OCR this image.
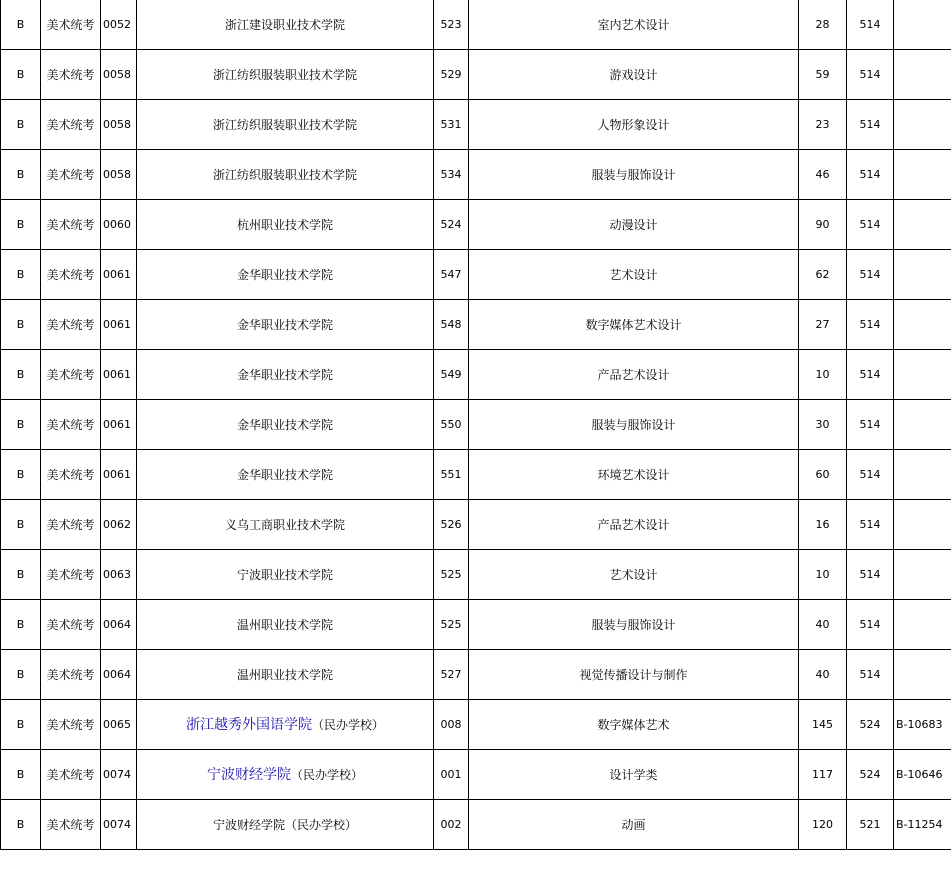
B	美术统考	0052	浙江建设职业技术学院	523	室内艺术设计	28	514	
B	美术统考	0058	浙江纺织服装职业技术学院	529	游戏设计	59	514	
B	美术统考	0058	浙江纺织服装职业技术学院	531	人物形象设计	23	514	
B	美术统考	0058	浙江纺织服装职业技术学院	534	服装与服饰设计	46	514	
B	美术统考	0060	杭州职业技术学院	524	动漫设计	90	514	
B	美术统考	0061	金华职业技术学院	547	艺术设计	62	514	
B	美术统考	0061	金华职业技术学院	548	数字媒体艺术设计	27	514	
B	美术统考	0061	金华职业技术学院	549	产品艺术设计	10	514	
B	美术统考	0061	金华职业技术学院	550	服装与服饰设计	30	514	
B	美术统考	0061	金华职业技术学院	551	环境艺术设计	60	514	
B	美术统考	0062	义乌工商职业技术学院	526	产品艺术设计	16	514	
B	美术统考	0063	宁波职业技术学院	525	艺术设计	10	514	
B	美术统考	0064	温州职业技术学院	525	服装与服饰设计	40	514	
B	美术统考	0064	温州职业技术学院	527	视觉传播设计与制作	40	514	
B	美术统考	0065	浙江越秀外国语学院（民办学校）	008	数字媒体艺术	145	524	B-10683
B	美术统考	0074	宁波财经学院（民办学校）	001	设计学类	117	524	B-10646
B	美术统考	0074	宁波财经学院（民办学校）	002	动画	120	521	B-11254
